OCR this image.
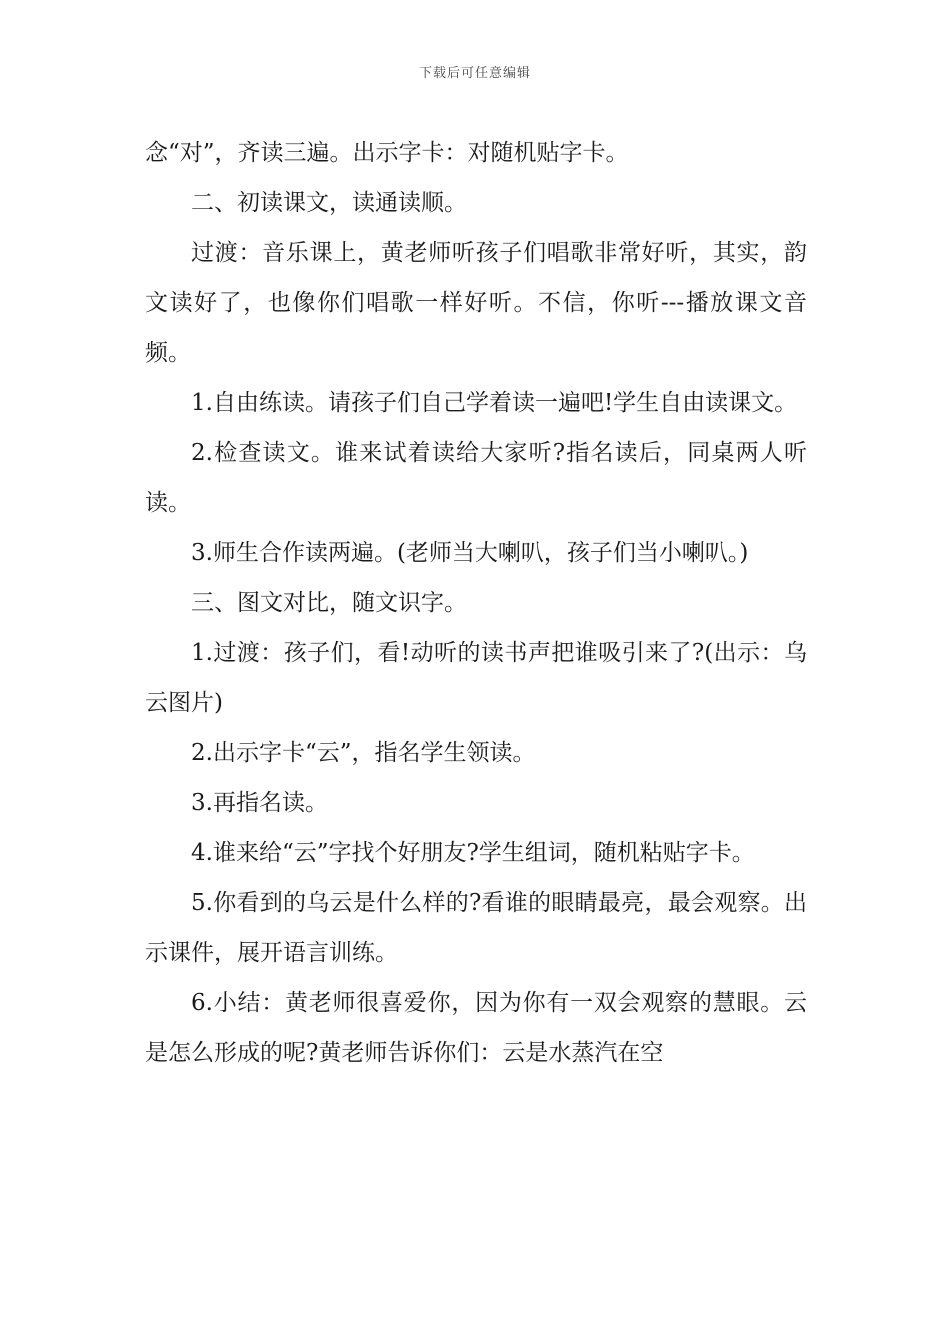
下载后可任意编辑

念“对”，齐读三遍。出示字卡：对随机贴字卡。

二、初读课文，读通读顺。

过渡：音乐课上，黄老师听孩子们唱歌非常好听，其实，韵文读好了，也像你们唱歌一样好听。不信，你听---播放课文音频。

1.自由练读。请孩子们自己学着读一遍吧!学生自由读课文。

2.检查读文。谁来试着读给大家听?指名读后，同桌两人听读。

3.师生合作读两遍。(老师当大喇叭，孩子们当小喇叭。)

三、图文对比，随文识字。

1.过渡：孩子们，看!动听的读书声把谁吸引来了?(出示：乌云图片)

2.出示字卡“云”，指名学生领读。

3.再指名读。

4.谁来给“云”字找个好朋友?学生组词，随机粘贴字卡。

5.你看到的乌云是什么样的?看谁的眼睛最亮，最会观察。出示课件，展开语言训练。

6.小结：黄老师很喜爱你，因为你有一双会观察的慧眼。云是怎么形成的呢?黄老师告诉你们：云是水蒸汽在空
